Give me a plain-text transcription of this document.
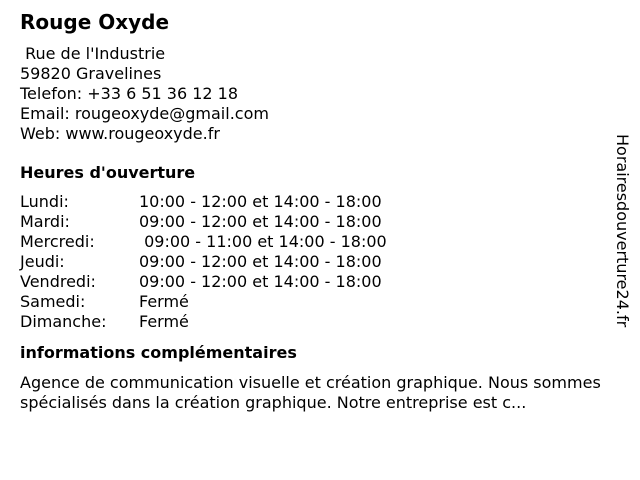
Rouge Oxyde
Rue de l'Industrie
59820 Gravelines
Telefon: +33 6 51 36 12 18
Email: rougeoxyde@gmail.com
Web: www.rougeoxyde.fr
Heures d'ouverture
Lundi:	10:00 - 12:00 et 14:00 - 18:00
Mardi:	09:00 - 12:00 et 14:00 - 18:00
Mercredi:	09:00 - 11:00 et 14:00 - 18:00
Jeudi:	09:00 - 12:00 et 14:00 - 18:00
Vendredi:	09:00 - 12:00 et 14:00 - 18:00
Samedi:	Fermé
Dimanche:	Fermé
informations complémentaires
Agence de communication visuelle et création graphique. Nous sommes spécialisés dans la création graphique. Notre entreprise est c...
Horairesdouverture24.fr
